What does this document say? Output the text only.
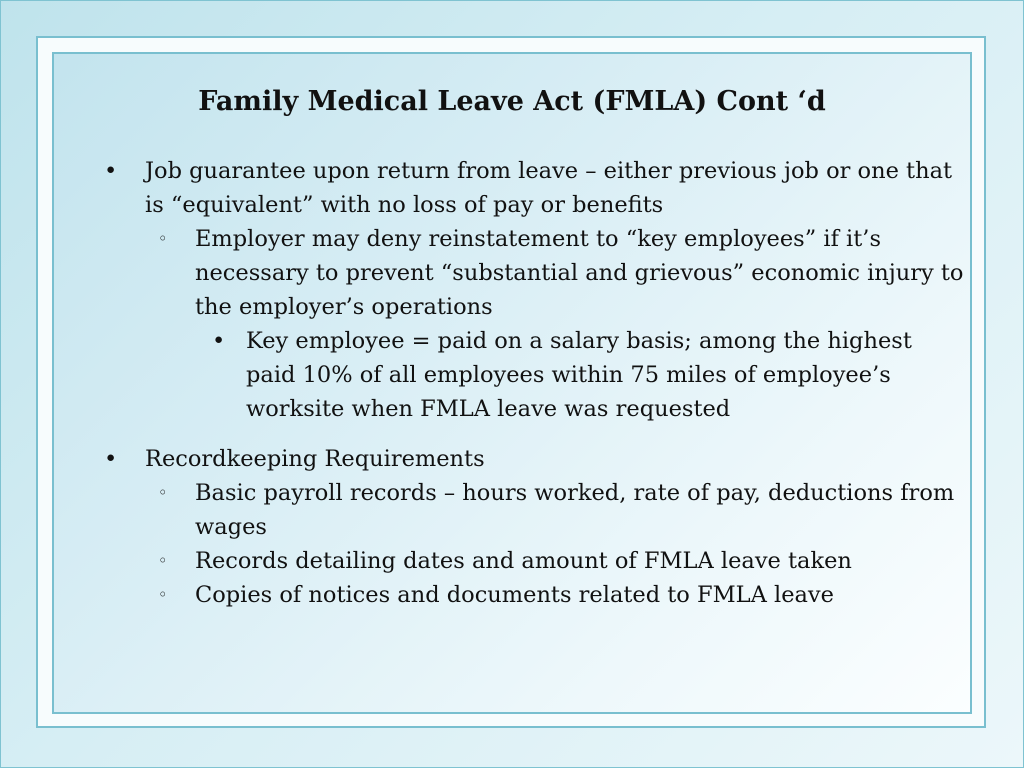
Family Medical Leave Act (FMLA) Cont ‘d

•	Job guarantee upon return from leave – either previous job or one that is “equivalent” with no loss of pay or benefits

◦	Employer may deny reinstatement to “key employees” if it’s necessary to prevent “substantial and grievous” economic injury to the employer’s operations

• Key employee = paid on a salary basis; among the highest paid 10% of all employees within 75 miles of employee’s worksite when FMLA leave was requested

•	Recordkeeping Requirements

◦	Basic payroll records – hours worked, rate of pay, deductions from wages

◦	Records detailing dates and amount of FMLA leave taken

◦	Copies of notices and documents related to FMLA leave
